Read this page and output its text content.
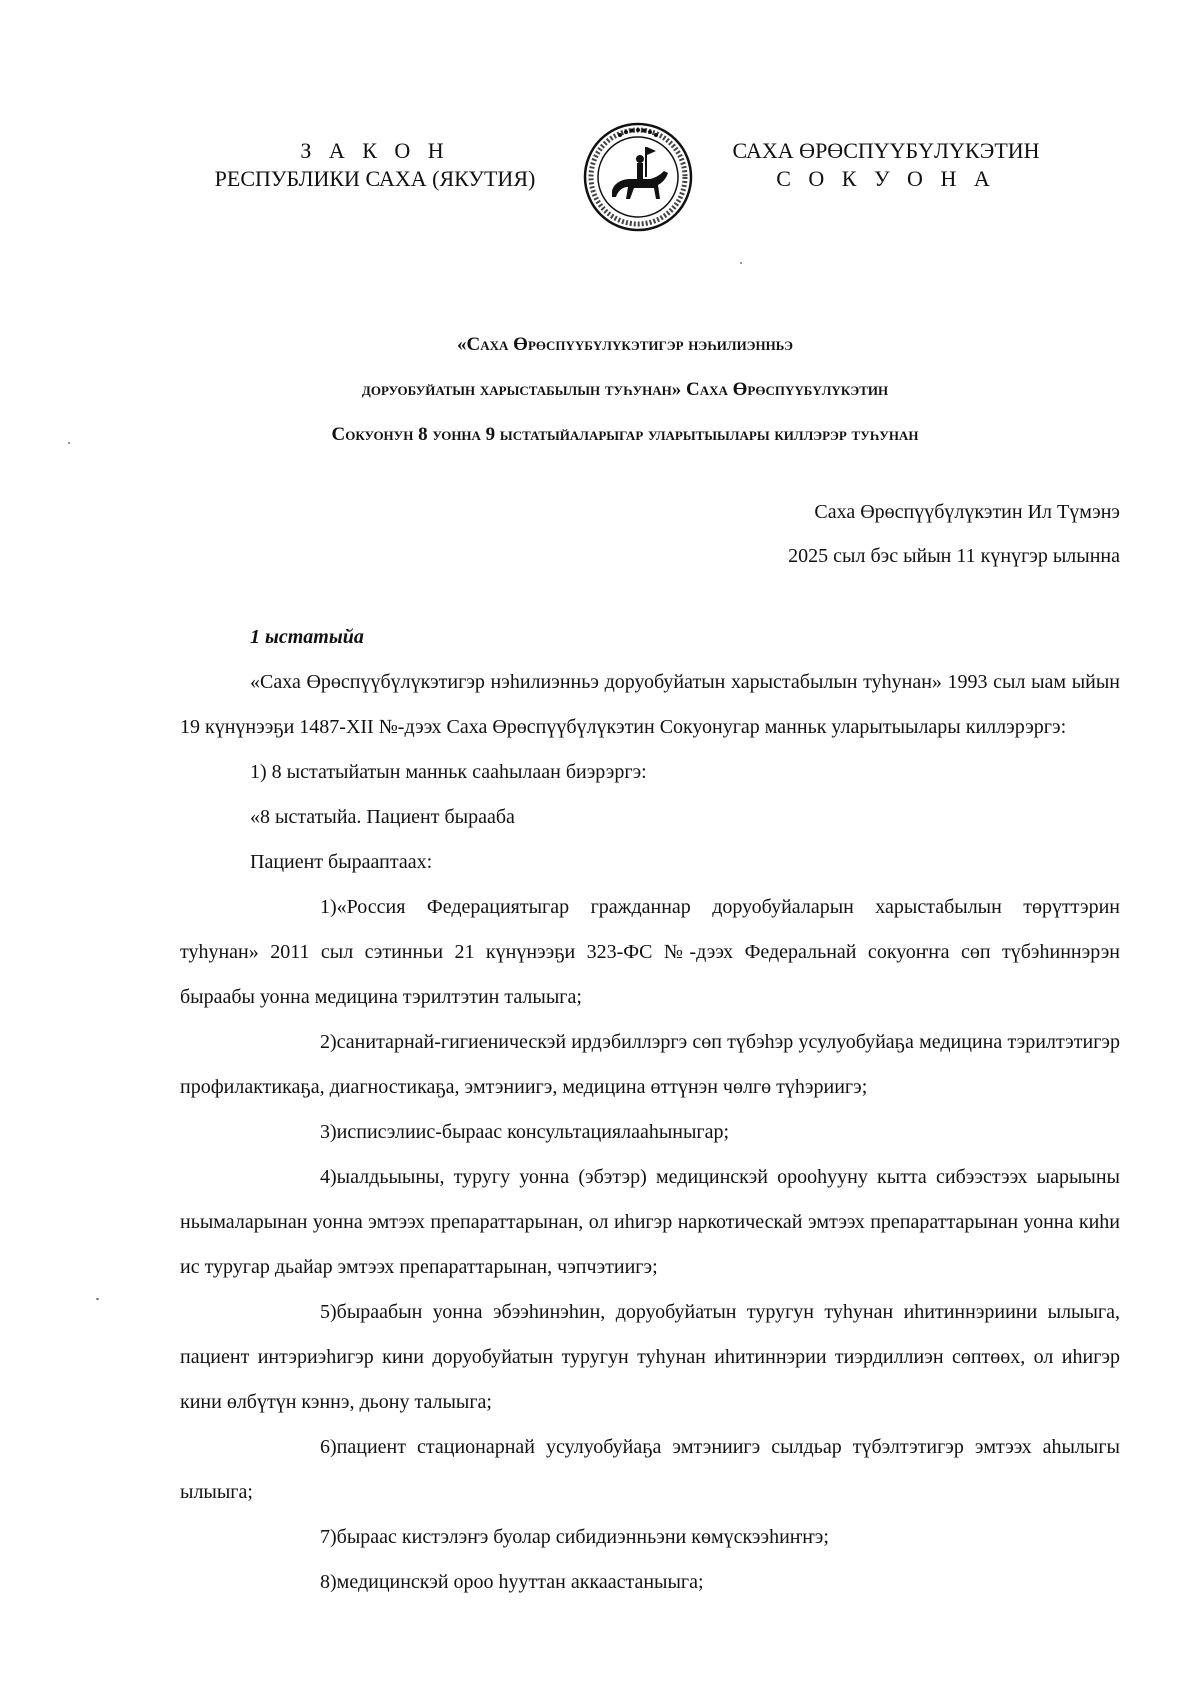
З А К О Н
РЕСПУБЛИКИ САХА (ЯКУТИЯ)
САХА ӨРӨСПҮҮБҮЛҮКЭТИН
С О К У О Н А
«Саха Өрөспүүбүлүкэтигэр нэһилиэнньэ
доруобуйатын харыстабылын туһунан» Саха Өрөспүүбүлүкэтин
Сокуонун 8 уонна 9 ыстатыйаларыгар уларытыылары киллэрэр туһунан
Саха Өрөспүүбүлүкэтин Ил Түмэнэ
2025 сыл бэс ыйын 11 күнүгэр ылынна

1 ыстатыйа

«Саха Өрөспүүбүлүкэтигэр нэһилиэнньэ доруобуйатын харыстабылын туһунан» 1993 сыл ыам ыйын 19 күнүнээҕи 1487-XII №-дээх Саха Өрөспүүбүлүкэтин Сокуонугар манньк уларытыылары киллэрэргэ:

1) 8 ыстатыйатын манньк сааһылаан биэрэргэ:

«8 ыстатыйа. Пациент бырааба

Пациент бырааптаах:

1)«Россия Федерациятыгар гражданнар доруобуйаларын харыстабылын төрүттэрин туһунан» 2011 сыл сэтинньи 21 күнүнээҕи 323-ФС №-дээх Федеральнай сокуоҥҥа сөп түбэһиннэрэн быраабы уонна медицина тэрилтэтин талыыга;

2)санитарнай-гигиеническэй ирдэбиллэргэ сөп түбэһэр усулуобуйаҕа медицина тэрилтэтигэр профилактикаҕа, диагностикаҕа, эмтэниигэ, медицина өттүнэн чөлгө түһэриигэ;

3)исписэлиис-быраас консультациялааһыныгар;

4)ыалдьыыны, туругу уонна (эбэтэр) медицинскэй орооһууну кытта сибээстээх ыарыыны ньымаларынан уонна эмтээх препараттарынан, ол иһигэр наркотическай эмтээх препараттарынан уонна киһи ис туругар дьайар эмтээх препараттарынан, чэпчэтиигэ;

5)быраабын уонна эбээһинэһин, доруобуйатын туругун туһунан иһитиннэриини ылыыга, пациент интэриэһигэр кини доруобуйатын туругун туһунан иһитиннэрии тиэрдиллиэн сөптөөх, ол иһигэр кини өлбүтүн кэннэ, дьону талыыга;

6)пациент стационарнай усулуобуйаҕа эмтэниигэ сылдьар түбэлтэтигэр эмтээх аһылыгы ылыыга;

7)быраас кистэлэҥэ буолар сибидиэнньэни көмүскээһиҥҥэ;

8)медицинскэй ороо һууттан аккаастаныыга;
